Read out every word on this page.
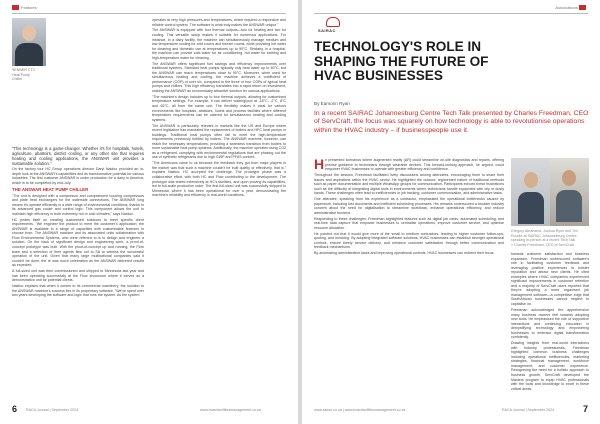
Features
SENNER CTC
Heat Pump
Chiller

"This technology is a game-changer. Whether it's for hospitals, hotels, agriculture, abattoirs, district cooling, or any other site that requires heating and cooling applications, the ANSWAR unit provides a sustainable solution."

On the factory tour HC Group operations director Daryl Naidoo provided an in-depth look at the ANSWAR's capabilities and its transformative potential for various industries. The first customer ANSWAR is under production for a dairy in America, which is to be completed by mid-July.

THE ANSWAR HEAT PUMP CHILLER

"The unit is designed with a compressor and compartment housing compressors and plate heat exchangers for the waterside connections. The ANSWAR long means it's operate efficiently in a wide range of environmental conditions, thanks to its advanced gas cooler and control logic. This component allows the unit to maintain high efficiency in both extremely hot or cold climates," says Naidoo.

HC prides itself on creating customised solutions to meet specific client requirements. "We engineer the product to meet the customer's application; the ANSWAR is available in a range of capacities with customisable features to choose from. The ANSWAR machine and its associated units collaboration with Flow Environmental Systems, who were referred to is to design and engineer a solution. On the back of significant design and engineering work, a proof-of-concept prototype was built. With the proof-of-concept up and running, the Flow team and a selection of their agents flew out to SA to witness the successful operation of the unit. Given that many large multinational companies said it couldn't be done, the re was much celebration as the ANSWAR delivered results as expected.

A full-sized unit was then commissioned and shipped to Minnesota last year and has been operating successfully at the Flow showroom where it serves as a demonstration unit for potential clients.

Naidoo explains that when it comes to its commercial machinery, the solution to the ANSWAR machine's success lies in its proprietary software. "We've spent over two years developing the software and logic that runs the system. As the system

operates at very high pressures and temperatures, which required a responsive and reliable control system. The software is what truly makes the ANSWAR unique."

The ANSWAR is equipped with four thermal outputs—two for heating and two for cooling. This versatile setup makes it suitable for numerous applications. For instance, in a dairy facility, the machine can simultaneously manage medium and low-temperature cooling for cold rooms and freezer rooms, while providing hot water for cleaning and domestic use at temperatures up to 90°C. Similarly, in a hospital, the machine can provide cold water for air conditioning, hot water for bathing and high-temperature water for cleaning.

The ANSWAR offers significant fuel savings and efficiency improvements over traditional systems. Standard heat pumps typically only heat water up to 60°C, but the ANSWAR can reach temperatures close to 90°C. Moreover, when used for simultaneous heating and cooling, the machine achieves a coefficient of performance (COP) of over six, compared to the three or four COPs of typical heat pumps and chillers. This high efficiency translates into a rapid return on investment, making the ANSWAR an economically attractive solution for various applications.

"The machine's design includes up to four thermal outputs, allowing for customised temperature settings. For example, it can deliver water/glycol at -18°C, -2°C, 8°C and 65°C, all from the same unit. The flexibility makes it ideal for various environments like hospitals, abattoirs, hotels and process facilities where different temperature requirements can be catered for simultaneous heating and cooling systems.

The ANSWAR is particularly relevant in markets like the US and Europe where recent legislation has mandated the replacement of boilers and HFC heat pumps in buildings. Traditional heat pumps often fail to meet the high-temperature requirements previously fulfilled by boilers. The ANSWAR machine, however, can reach the necessary temperatures, providing a seamless transition from boilers to more sustainable heat pump systems. Additionally, the machine operates using CO2 as a refrigerant, complying with environmental regulations that are phasing out the use of synthetic refrigerants due to high GWP and PFAS content.

"The Americans came to us because the feedback they got from major players in the market was that such a machine couldn't be built quietly or effectively, that is," explains Naidoo. HC accepted the challenge. The prototype phase was a collaborative effort, with both HC and Flow contributing to the development. The prototype was tested extensively at HC's facilities, and upon proving its capabilities, led to full-scale production order. The first full-sized unit was successfully shipped to Minnesota, where it has been operational for over a year, demonstrating the machine's reliability and efficiency in real-world conditions.

6 RACA Journal | September 2024	www.hvacrfacilitiesmanagement.co.za
Associations
SAIRAC
TECHNOLOGY'S ROLE IN SHAPING THE FUTURE OF HVAC BUSINESSES
By Eamonn Ryan
In a recent SAIRAC Johannesburg Centre Tech Talk presented by Charles Freedman, CEO of ServCraft, the focus was squarely on how technology is able to revolutionise operations within the HVAC industry – if businesspeople use it.

He presented scenarios where augmented reality (AR) could streamline on-site diagnostics and repairs, offering precise guidance to technicians through wearable devices. This forward-looking approach, he argued, could empower HVAC businesses to operate with greater efficiency and confidence.

Throughout the session, Freedman facilitated lively discussions among attendees, encouraging them to share their issues and aspirations within the HVAC sector. He highlighted the outdoor, regimented nature of traditional methods such as paper documentation and multiple WhatsApp groups for communication. Participants echoed these frustrations such as the difficulty of integrating digital tools in environments where technicians handle equipment with oily or dusty hands. These challenges often lead to inefficiencies in job tracking, customer communication, and administrative tasks.

One attendee, speaking from his experience as a contractor, emphasised the operational bottlenecks caused by paperwork, including lost documents and inefficient scheduling processes. His remarks underscored a broader industry concern about the need for digitalisation to streamline workflows, enhance operational efficiency, and reduce administrative burdens.

Responding to these challenges, Freedman highlighted features such as digital job cards, automated scheduling, and real-time data capture that empower businesses to centralise operations, improve customer service, and optimise resource allocation.

He pointed out that it would give more of the small to medium contractors, leading to higher customer follow-ups, quoting, and invoicing. By adopting integrated software solutions, HVAC businesses can establish stronger operational controls, ensure timely service delivery, and enhance customer satisfaction through better communication and feedback mechanisms.

By automating administrative tasks and improving operational controls, HVAC businesses can redirect their focus

Gregory Abrahams, Joshua Ryne and Tim Rourke at SAIRAC Johannesburg Centre, speaking in-person at a recent Tech Talk
» Charles Freedman, CEO of ServCraft

towards customer satisfaction and business expansion. Freedman underscored software's role in facilitating customer feedback and leveraging positive experiences to bolster reputation and attract new clients. He cited examples where HVAC companies experienced significant improvements in customer retention and a majority of ServCraft users reported that they're adopting a more organised job management software—a competitive edge that SouthAfrican businesses cannot neglect to capitalise on.

Freedman acknowledged the apprehension many business owners feel towards adopting new tools. He emphasised the role of supportive interactions and continuing education in demystifying technology and empowering businesses to embrace digital transformation confidently.

Drawing insights from real-world interactions with industry professionals, Freedman highlighted common business challenges including operational inefficiencies, marketing strategies, financial management, workforce management, and customer experience. Recognising the need for a holistic approach to business growth, ServCraft developed the Masters program to equip HVAC professionals with the tools and knowledge to excel in these critical areas.

www.sairac.co.za | www.hvacrfacilitiesmanagement.co.za	RACA Journal | September 2024	7
